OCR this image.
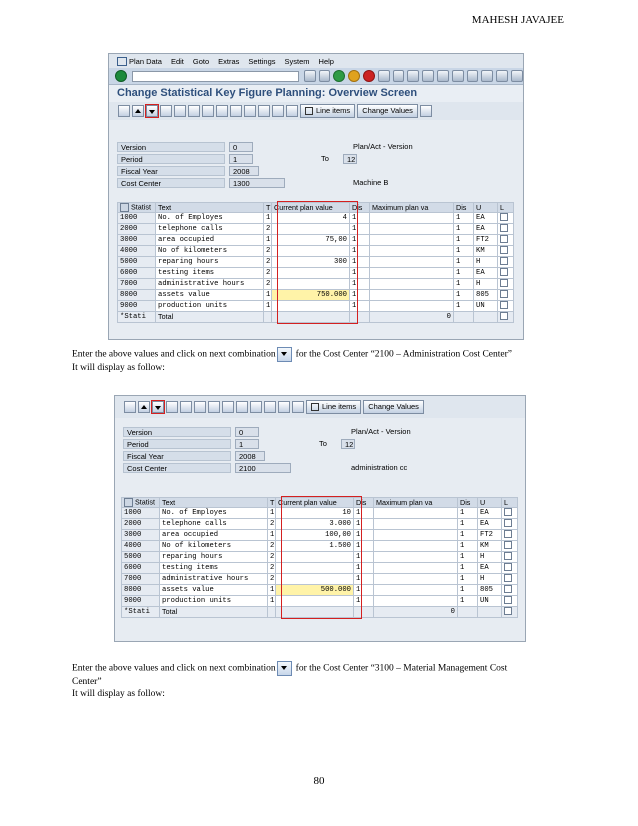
MAHESH JAVAJEE
Plan Data Edit Goto Extras Settings System Help
Change Statistical Key Figure Planning: Overview Screen
Line items	Change Values
Version	0	Plan/Act - Version
Period	1	To	12
Fiscal Year	2008
Cost Center	1300	Machine B
Statist	Text	T	Current plan value	Dis	Maximum plan va	Dis	U	L
1000	No. of Employes	1	4	1		1	EA	
2000	telephone calls	2		1		1	EA	
3000	area occupied	1	75,00	1		1	FT2	
4000	No of kilometers	2		1		1	KM	
5000	reparing hours	2	300	1		1	H	
6000	testing items	2		1		1	EA	
7000	administrative hours	2		1		1	H	
8000	assets value	1	750.000	1		1	805	
9000	production units	1		1		1	UN	
*Stati	Total				0			
Enter the above values and click on next combination for the Cost Center “2100 – Administration Cost Center”
It will display as follow:
Line items	Change Values
Version	0	Plan/Act - Version
Period	1	To	12
Fiscal Year	2008
Cost Center	2100	administration cc
Statist	Text	T	Current plan value	Dis	Maximum plan va	Dis	U	L
1000	No. of Employes	1	10	1		1	EA	
2000	telephone calls	2	3.000	1		1	EA	
3000	area occupied	1	100,00	1		1	FT2	
4000	No of kilometers	2	1.500	1		1	KM	
5000	reparing hours	2		1		1	H	
6000	testing items	2		1		1	EA	
7000	administrative hours	2		1		1	H	
8000	assets value	1	500.000	1		1	805	
9000	production units	1		1		1	UN	
*Stati	Total				0			
Enter the above values and click on next combination for the Cost Center “3100 – Material Management Cost
Center”
It will display as follow:
80
